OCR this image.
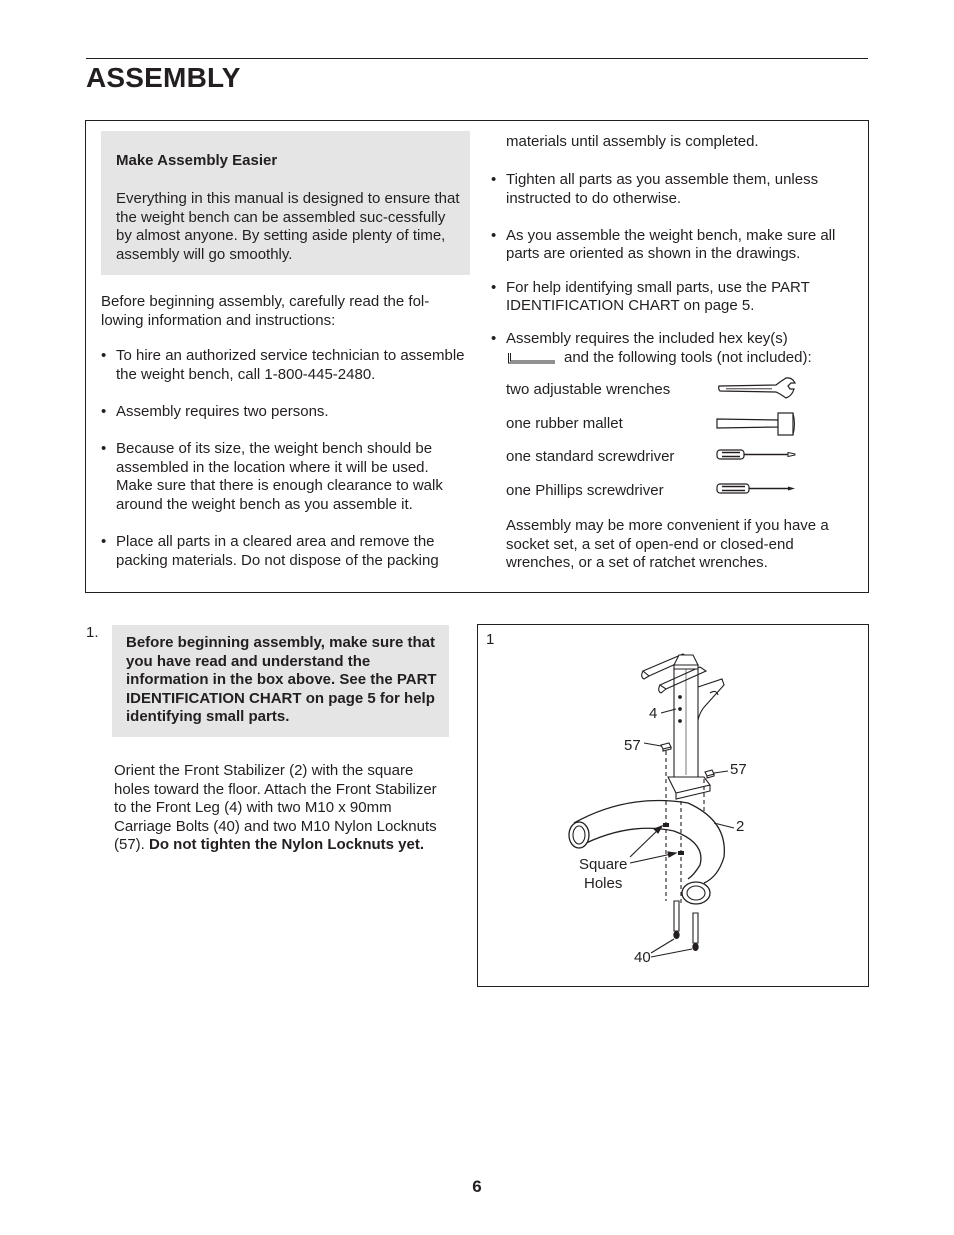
ASSEMBLY
Make Assembly Easier
Everything in this manual is designed to ensure that the weight bench can be assembled suc-cessfully by almost anyone. By setting aside plenty of time, assembly will go smoothly.
Before beginning assembly, carefully read the fol-lowing information and instructions:
• To hire an authorized service technician to assemble the weight bench, call 1-800-445-2480.
• Assembly requires two persons.
• Because of its size, the weight bench should be assembled in the location where it will be used. Make sure that there is enough clearance to walk around the weight bench as you assemble it.
• Place all parts in a cleared area and remove the packing materials. Do not dispose of the packing
materials until assembly is completed.
• Tighten all parts as you assemble them, unless instructed to do otherwise.
• As you assemble the weight bench, make sure all parts are oriented as shown in the drawings.
• For help identifying small parts, use the PART IDENTIFICATION CHART on page 5.
• Assembly requires the included hex key(s)
and the following tools (not included):
two adjustable wrenches
one rubber mallet
one standard screwdriver
one Phillips screwdriver
Assembly may be more convenient if you have a socket set, a set of open-end or closed-end wrenches, or a set of ratchet wrenches.
1.
Before beginning assembly, make sure that you have read and understand the information in the box above. See the PART IDENTIFICATION CHART on page 5 for help identifying small parts.
Orient the Front Stabilizer (2) with the square holes toward the floor. Attach the Front Stabilizer to the Front Leg (4) with two M10 x 90mm Carriage Bolts (40) and two M10 Nylon Locknuts (57). Do not tighten the Nylon Locknuts yet.
1
4
57
57
2
Square
Holes
40
6
